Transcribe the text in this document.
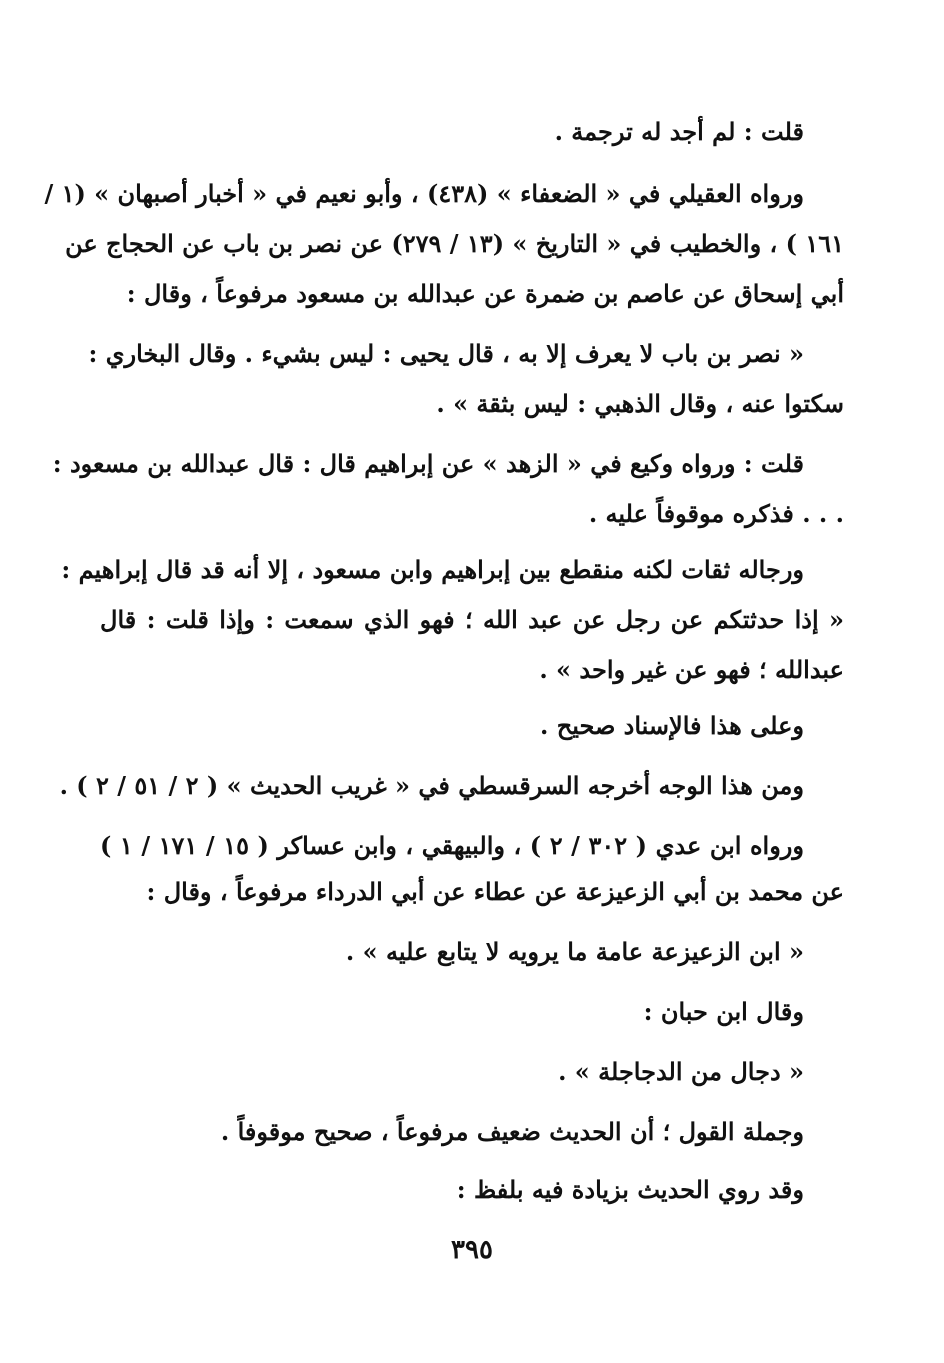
قلت : لم أجد له ترجمة .
ورواه العقيلي في « الضعفاء » (٤٣٨) ، وأبو نعيم في « أخبار أصبهان » (١ /
١٦١ ) ، والخطيب في « التاريخ » (١٣ / ٢٧٩) عن نصر بن باب عن الحجاج عن
أبي إسحاق عن عاصم بن ضمرة عن عبدالله بن مسعود مرفوعاً ، وقال :
« نصر بن باب لا يعرف إلا به ، قال يحيى : ليس بشيء . وقال البخاري :
سكتوا عنه ، وقال الذهبي : ليس بثقة » .
قلت : ورواه وكيع في « الزهد » عن إبراهيم قال : قال عبدالله بن مسعود :
. . . فذكره موقوفاً عليه .
ورجاله ثقات لكنه منقطع بين إبراهيم وابن مسعود ، إلا أنه قد قال إبراهيم :
« إذا حدثتكم عن رجل عن عبد الله ؛ فهو الذي سمعت : وإذا قلت : قال
عبدالله ؛ فهو عن غير واحد » .
وعلى هذا فالإسناد صحيح .
ومن هذا الوجه أخرجه السرقسطي في « غريب الحديث » ( ٢ / ٥١ / ٢ ) .
ورواه ابن عدي ( ٣٠٢ / ٢ ) ، والبيهقي ، وابن عساكر ( ١٥ / ١٧١ / ١ )
عن محمد بن أبي الزعيزعة عن عطاء عن أبي الدرداء مرفوعاً ، وقال :
« ابن الزعيزعة عامة ما يرويه لا يتابع عليه » .
وقال ابن حبان :
« دجال من الدجاجلة » .
وجملة القول ؛ أن الحديث ضعيف مرفوعاً ، صحيح موقوفاً .
وقد روي الحديث بزيادة فيه بلفظ :
٣٩٥
